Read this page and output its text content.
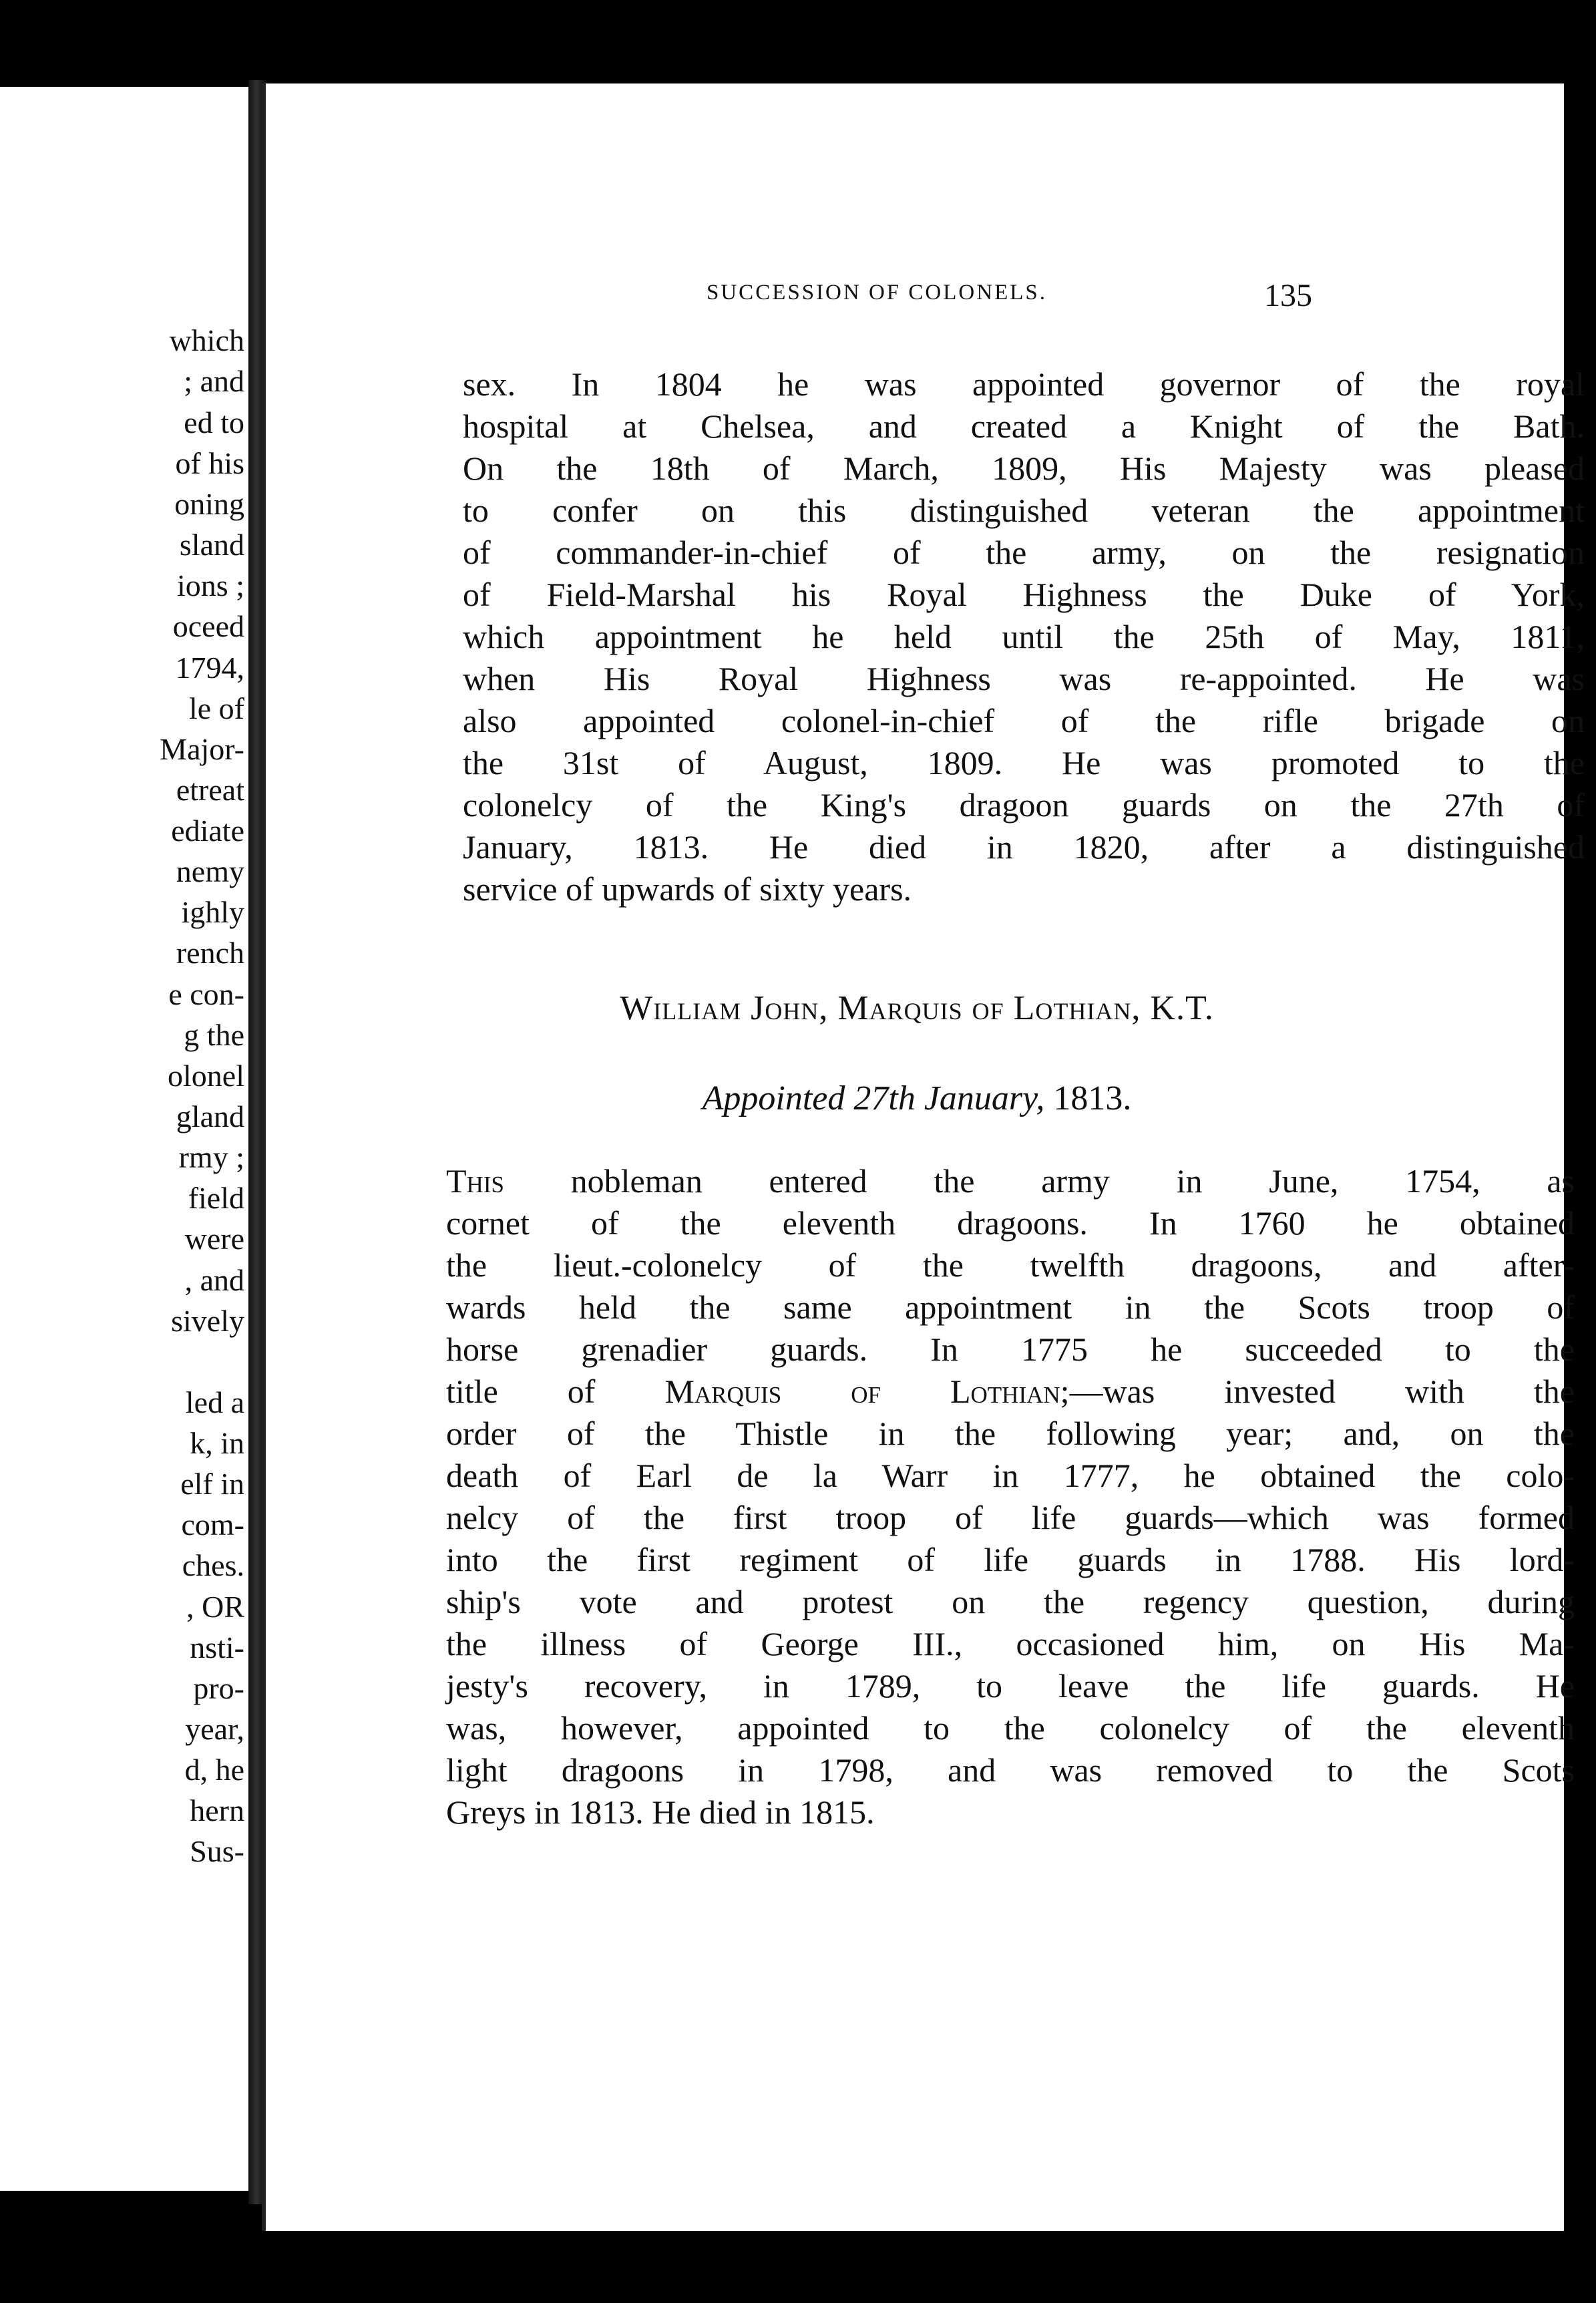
which
; and
ed to
of his
oning
sland
ions ;
oceed
1794,
le of
Major-
etreat
ediate
nemy
ighly
rench
e con-
g the
olonel
gland
rmy ;
field
were
, and
sively
led a
k, in
elf in
com-
ches.
, OR
nsti-
pro-
year,
d, he
hern
Sus-
SUCCESSION OF COLONELS.	135
sex. In 1804 he was appointed governor of the royal
hospital at Chelsea, and created a Knight of the Bath.
On the 18th of March, 1809, His Majesty was pleased
to confer on this distinguished veteran the appointment
of commander-in-chief of the army, on the resignation
of Field-Marshal his Royal Highness the Duke of York,
which appointment he held until the 25th of May, 1811,
when His Royal Highness was re-appointed. He was
also appointed colonel-in-chief of the rifle brigade on
the 31st of August, 1809. He was promoted to the
colonelcy of the King's dragoon guards on the 27th of
January, 1813. He died in 1820, after a distinguished
service of upwards of sixty years.
William John, Marquis of Lothian, K.T.
Appointed 27th January, 1813.
This nobleman entered the army in June, 1754, as
cornet of the eleventh dragoons. In 1760 he obtained
the lieut.-colonelcy of the twelfth dragoons, and after-
wards held the same appointment in the Scots troop of
horse grenadier guards. In 1775 he succeeded to the
title of Marquis of Lothian;—was invested with the
order of the Thistle in the following year; and, on the
death of Earl de la Warr in 1777, he obtained the colo-
nelcy of the first troop of life guards—which was formed
into the first regiment of life guards in 1788. His lord-
ship's vote and protest on the regency question, during
the illness of George III., occasioned him, on His Ma-
jesty's recovery, in 1789, to leave the life guards. He
was, however, appointed to the colonelcy of the eleventh
light dragoons in 1798, and was removed to the Scots
Greys in 1813. He died in 1815.
